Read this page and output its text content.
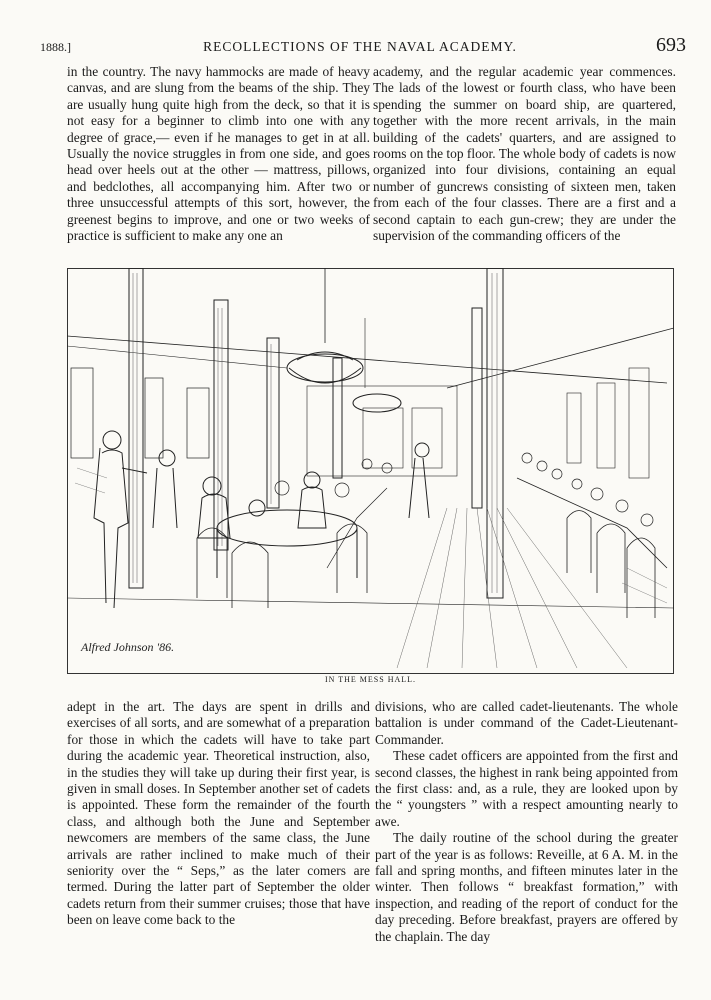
1888.]	RECOLLECTIONS OF THE NAVAL ACADEMY.	693

in the country. The navy hammocks are made of heavy canvas, and are slung from the beams of the ship. They are usually hung quite high from the deck, so that it is not easy for a beginner to climb into one with any degree of grace,— even if he manages to get in at all. Usually the novice struggles in from one side, and goes head over heels out at the other — mattress, pillows, and bedclothes, all accompanying him. After two or three unsuccessful attempts of this sort, however, the greenest begins to improve, and one or two weeks of practice is sufficient to make any one an

academy, and the regular academic year commences. The lads of the lowest or fourth class, who have been spending the summer on board ship, are quartered, together with the more recent arrivals, in the main building of the cadets' quarters, and are assigned to rooms on the top floor. The whole body of cadets is now organized into four divisions, containing an equal number of guncrews consisting of sixteen men, taken from each of the four classes. There are a first and a second captain to each gun-crew; they are under the supervision of the commanding officers of the

Alfred Johnson '86.
IN THE MESS HALL.

adept in the art. The days are spent in drills and exercises of all sorts, and are somewhat of a preparation for those in which the cadets will have to take part during the academic year. Theoretical instruction, also, in the studies they will take up during their first year, is given in small doses. In September another set of cadets is appointed. These form the remainder of the fourth class, and although both the June and September newcomers are members of the same class, the June arrivals are rather inclined to make much of their seniority over the “ Seps,” as the later comers are termed. During the latter part of September the older cadets return from their summer cruises; those that have been on leave come back to the

divisions, who are called cadet-lieutenants. The whole battalion is under command of the Cadet-Lieutenant-Commander.

These cadet officers are appointed from the first and second classes, the highest in rank being appointed from the first class: and, as a rule, they are looked upon by the “ youngsters ” with a respect amounting nearly to awe.

The daily routine of the school during the greater part of the year is as follows: Reveille, at 6 A. M. in the fall and spring months, and fifteen minutes later in the winter. Then follows “ breakfast formation,” with inspection, and reading of the report of conduct for the day preceding. Before breakfast, prayers are offered by the chaplain. The day
